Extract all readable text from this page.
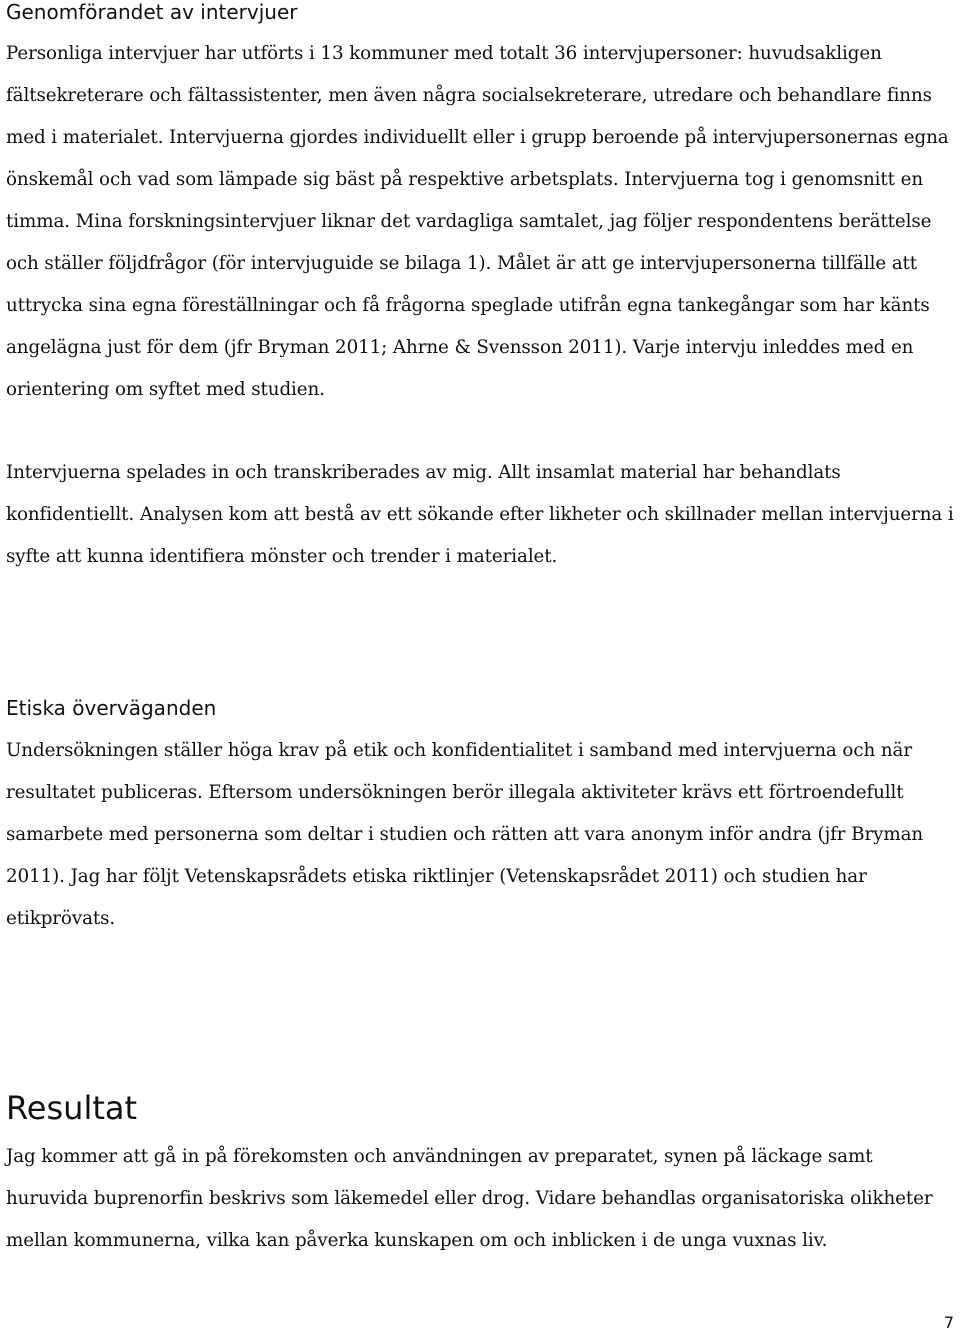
Genomförandet av intervjuer

Personliga intervjuer har utförts i 13 kommuner med totalt 36 intervjupersoner: huvudsakligen fältsekreterare och fältassistenter, men även några socialsekreterare, utredare och behandlare finns med i materialet. Intervjuerna gjordes individuellt eller i grupp beroende på intervjupersonernas egna önskemål och vad som lämpade sig bäst på respektive arbetsplats. Intervjuerna tog i genomsnitt en timma. Mina forskningsintervjuer liknar det vardagliga samtalet, jag följer respondentens berättelse och ställer följdfrågor (för intervjuguide se bilaga 1). Målet är att ge intervjupersonerna tillfälle att uttrycka sina egna föreställningar och få frågorna speglade utifrån egna tankegångar som har känts angelägna just för dem (jfr Bryman 2011; Ahrne & Svensson 2011). Varje intervju inleddes med en orientering om syftet med studien.

Intervjuerna spelades in och transkriberades av mig. Allt insamlat material har behandlats konfidentiellt. Analysen kom att bestå av ett sökande efter likheter och skillnader mellan intervjuerna i syfte att kunna identifiera mönster och trender i materialet.

Etiska överväganden

Undersökningen ställer höga krav på etik och konfidentialitet i samband med intervjuerna och när resultatet publiceras. Eftersom undersökningen berör illegala aktiviteter krävs ett förtroendefullt samarbete med personerna som deltar i studien och rätten att vara anonym inför andra (jfr Bryman 2011). Jag har följt Vetenskapsrådets etiska riktlinjer (Vetenskapsrådet 2011) och studien har etikprövats.

Resultat

Jag kommer att gå in på förekomsten och användningen av preparatet, synen på läckage samt huruvida buprenorfin beskrivs som läkemedel eller drog. Vidare behandlas organisatoriska olikheter mellan kommunerna, vilka kan påverka kunskapen om och inblicken i de unga vuxnas liv.

7
